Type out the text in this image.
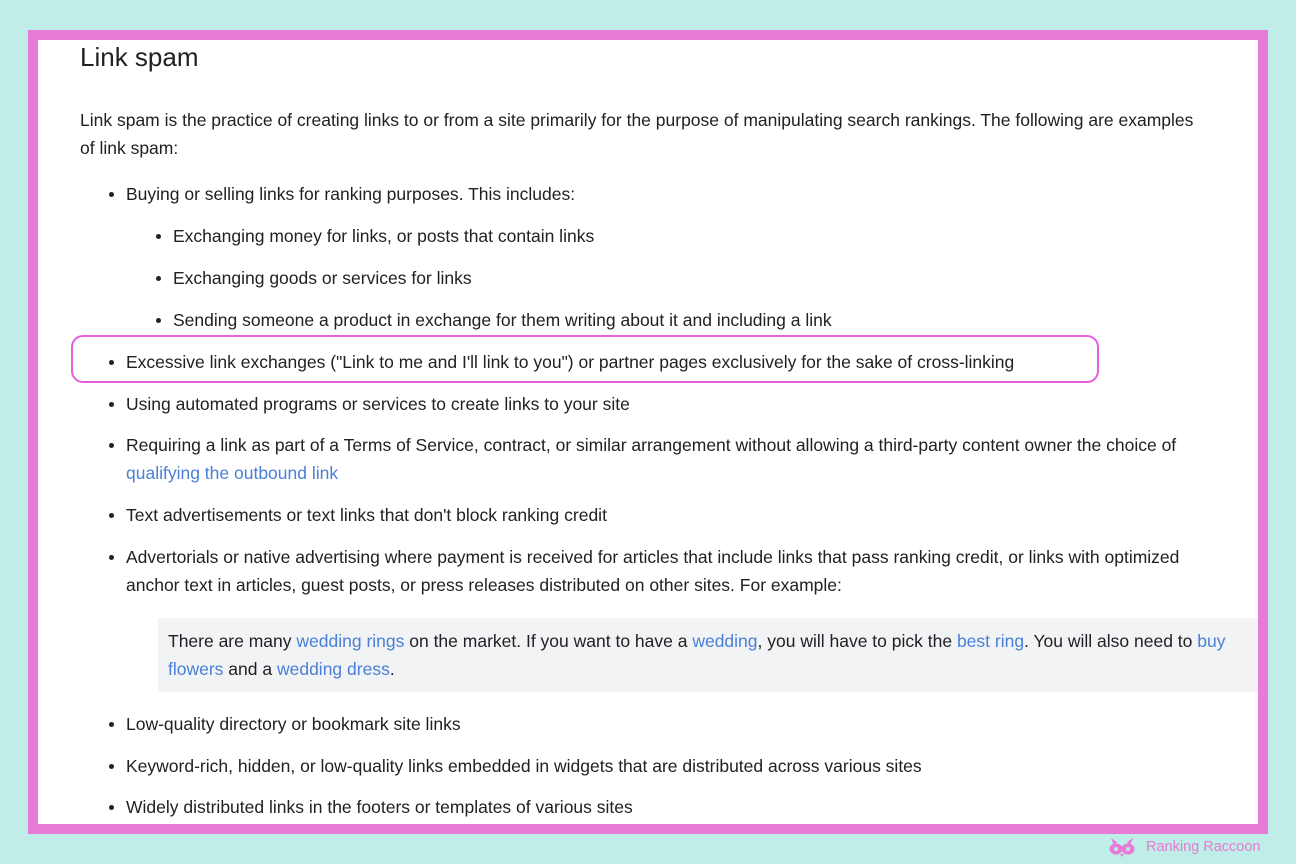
Link spam

Link spam is the practice of creating links to or from a site primarily for the purpose of manipulating search rankings. The following are examples of link spam:

Buying or selling links for ranking purposes. This includes:
Exchanging money for links, or posts that contain links
Exchanging goods or services for links
Sending someone a product in exchange for them writing about it and including a link
Excessive link exchanges ("Link to me and I'll link to you") or partner pages exclusively for the sake of cross-linking
Using automated programs or services to create links to your site
Requiring a link as part of a Terms of Service, contract, or similar arrangement without allowing a third-party content owner the choice of qualifying the outbound link
Text advertisements or text links that don't block ranking credit
Advertorials or native advertising where payment is received for articles that include links that pass ranking credit, or links with optimized anchor text in articles, guest posts, or press releases distributed on other sites. For example:

There are many wedding rings on the market. If you want to have a wedding, you will have to pick the best ring. You will also need to buy flowers and a wedding dress.

Low-quality directory or bookmark site links
Keyword-rich, hidden, or low-quality links embedded in widgets that are distributed across various sites
Widely distributed links in the footers or templates of various sites
Ranking Raccoon
